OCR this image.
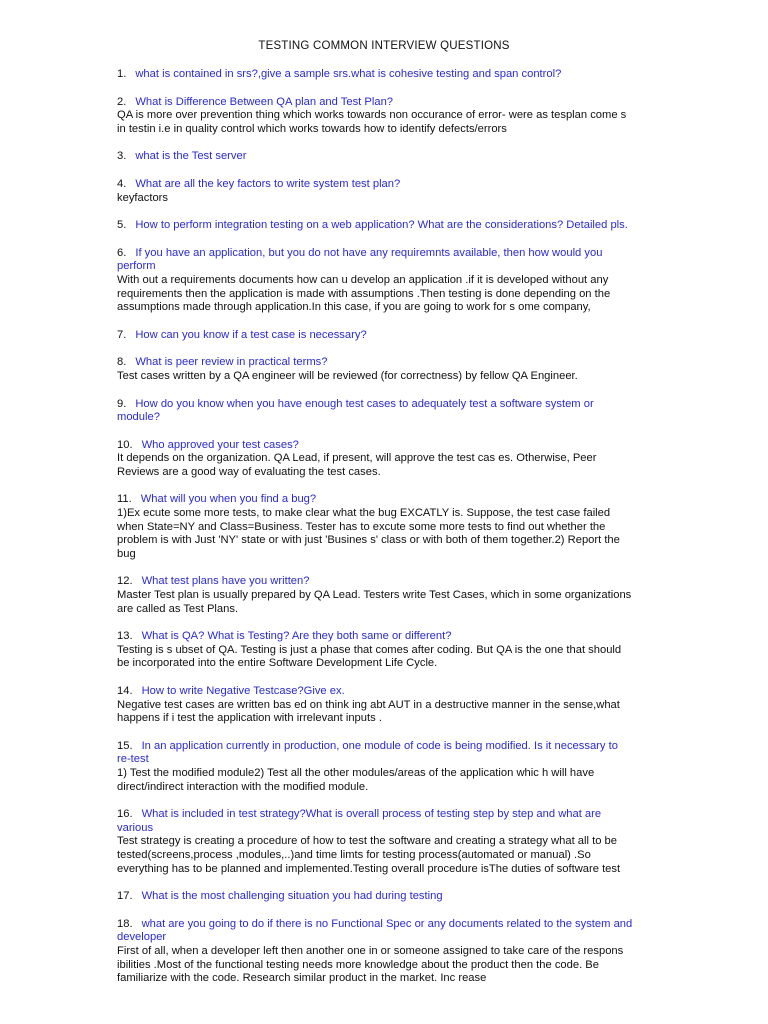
TESTING COMMON INTERVIEW QUESTIONS
1. what is contained in srs?,give a sample srs.what is cohesive testing and span control?
2. What is Difference Between QA plan and Test Plan?
QA is more over prevention thing which works towards non occurance of error- were as tesplan come s in testin i.e in quality control which works towards how to identify defects/errors
3. what is the Test server
4. What are all the key factors to write system test plan?
keyfactors
5. How to perform integration testing on a web application? What are the considerations? Detailed pls.
6. If you have an application, but you do not have any requiremnts available, then how would you perform
With out a requirements documents how can u develop an application .if it is developed without any requirements then the application is made with assumptions .Then testing is done depending on the assumptions made through application.In this case, if you are going to work for s ome company,
7. How can you know if a test case is necessary?
8. What is peer review in practical terms?
Test cases written by a QA engineer will be reviewed (for correctness) by fellow QA Engineer.
9. How do you know when you have enough test cases to adequately test a software system or module?
10. Who approved your test cases?
It depends on the organization. QA Lead, if present, will approve the test cas es. Otherwise, Peer Reviews are a good way of evaluating the test cases.
11. What will you when you find a bug?
1)Ex ecute some more tests, to make clear what the bug EXCATLY is. Suppose, the test case failed when State=NY and Class=Business. Tester has to excute some more tests to find out whether the problem is with Just 'NY' state or with just 'Busines s' class or with both of them together.2) Report the bug
12. What test plans have you written?
Master Test plan is usually prepared by QA Lead. Testers write Test Cases, which in some organizations are called as Test Plans.
13. What is QA? What is Testing? Are they both same or different?
Testing is s ubset of QA. Testing is just a phase that comes after coding. But QA is the one that should be incorporated into the entire Software Development Life Cycle.
14. How to write Negative Testcase?Give ex.
Negative test cases are written bas ed on think ing abt AUT in a destructive manner in the sense,what happens if i test the application with irrelevant inputs .
15. In an application currently in production, one module of code is being modified. Is it necessary to re-test
1) Test the modified module2) Test all the other modules/areas of the application whic h will have direct/indirect interaction with the modified module.
16. What is included in test strategy?What is overall process of testing step by step and what are various
Test strategy is creating a procedure of how to test the software and creating a strategy what all to be tested(screens,process ,modules,..)and time limts for testing process(automated or manual) .So everything has to be planned and implemented.Testing overall procedure isThe duties of software test
17. What is the most challenging situation you had during testing
18. what are you going to do if there is no Functional Spec or any documents related to the system and developer
First of all, when a developer left then another one in or someone assigned to take care of the respons ibilities .Most of the functional testing needs more knowledge about the product then the code. Be familiarize with the code. Research similar product in the market. Inc rease
